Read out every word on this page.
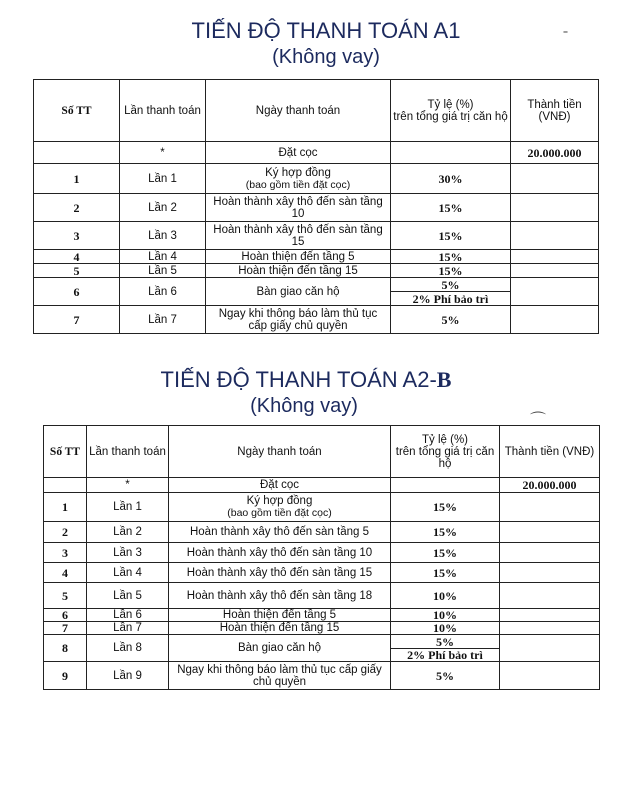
TIẾN ĐỘ THANH TOÁN A1
(Không vay)
ˉ
Số TT	Lần thanh toán	Ngày thanh toán	Tỷ lệ (%)
trên tổng giá trị căn hộ	Thành tiền (VNĐ)
	*	Đặt cọc		20.000.000
1	Lần 1	Ký hợp đồng
(bao gồm tiền đặt cọc)	30%	
2	Lần 2	Hoàn thành xây thô đến sàn tầng 10	15%	
3	Lần 3	Hoàn thành xây thô đến sàn tầng 15	15%	
4	Lần 4	Hoàn thiện đến tầng 5	15%	
5	Lần 5	Hoàn thiện đến tầng 15	15%	
6	Lần 6	Bàn giao căn hộ	5%	
			2% Phí bảo trì	
7	Lần 7	Ngay khi thông báo làm thủ tục cấp giấy chủ quyền	5%	
TIẾN ĐỘ THANH TOÁN A2-B
(Không vay)
⌒
Số TT	Lần thanh toán	Ngày thanh toán	Tỷ lệ (%)
trên tổng giá trị căn hộ	Thành tiền (VNĐ)
	*	Đặt cọc		20.000.000
1	Lần 1	Ký hợp đồng
(bao gồm tiền đặt cọc)	15%	
2	Lần 2	Hoàn thành xây thô đến sàn tầng 5	15%	
3	Lần 3	Hoàn thành xây thô đến sàn tầng 10	15%	
4	Lần 4	Hoàn thành xây thô đến sàn tầng 15	15%	
5	Lần 5	Hoàn thành xây thô đến sàn tầng 18	10%	
6	Lần 6	Hoàn thiện đến tầng 5	10%	
7	Lần 7	Hoàn thiện đến tầng 15	10%	
8	Lần 8	Bàn giao căn hộ	5%	
			2% Phí bảo trì	
9	Lần 9	Ngay khi thông báo làm thủ tục cấp giấy chủ quyền	5%	
